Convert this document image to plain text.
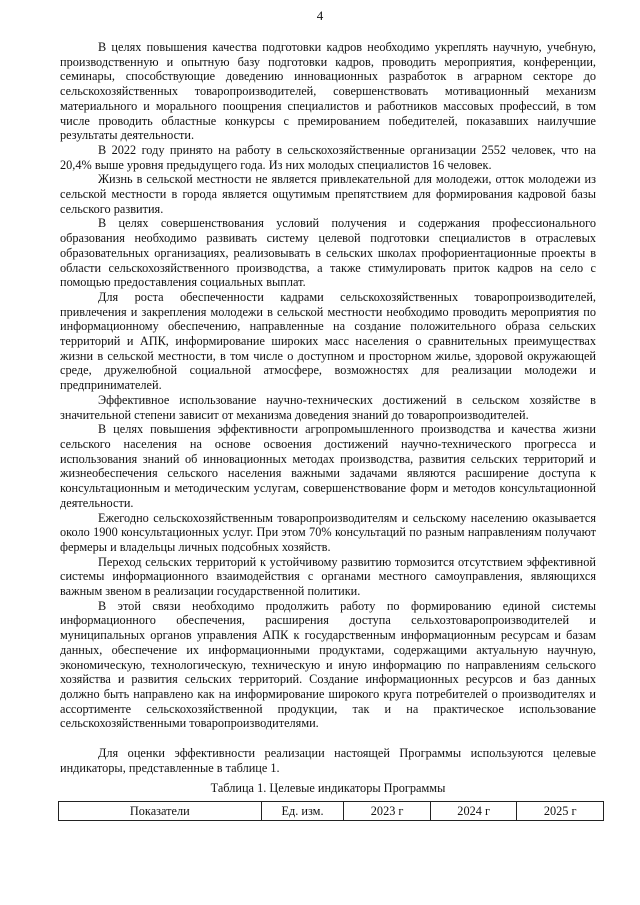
4

В целях повышения качества подготовки кадров необходимо укреплять научную, учебную, производственную и опытную базу подготовки кадров, проводить мероприятия, конференции, семинары, способствующие доведению инновационных разработок в аграрном секторе до сельскохозяйственных товаропроизводителей, совершенствовать мотивационный механизм материального и морального поощрения специалистов и работников массовых профессий, в том числе проводить областные конкурсы с премированием победителей, показавших наилучшие результаты деятельности.

В 2022 году принято на работу в сельскохозяйственные организации 2552 человек, что на 20,4% выше уровня предыдущего года. Из них молодых специалистов 16 человек.

Жизнь в сельской местности не является привлекательной для молодежи, отток молодежи из сельской местности в города является ощутимым препятствием для формирования кадровой базы сельского развития.

В целях совершенствования условий получения и содержания профессионального образования необходимо развивать систему целевой подготовки специалистов в отраслевых образовательных организациях, реализовывать в сельских школах профориентационные проекты в области сельскохозяйственного производства, а также стимулировать приток кадров на село с помощью предоставления социальных выплат.

Для роста обеспеченности кадрами сельскохозяйственных товаропроизводителей, привлечения и закрепления молодежи в сельской местности необходимо проводить мероприятия по информационному обеспечению, направленные на создание положительного образа сельских территорий и АПК, информирование широких масс населения о сравнительных преимуществах жизни в сельской местности, в том числе о доступном и просторном жилье, здоровой окружающей среде, дружелюбной социальной атмосфере, возможностях для реализации молодежи и предпринимателей.

Эффективное использование научно-технических достижений в сельском хозяйстве в значительной степени зависит от механизма доведения знаний до товаропроизводителей.

В целях повышения эффективности агропромышленного производства и качества жизни сельского населения на основе освоения достижений научно-технического прогресса и использования знаний об инновационных методах производства, развития сельских территорий и жизнеобеспечения сельского населения важными задачами являются расширение доступа к консультационным и методическим услугам, совершенствование форм и методов консультационной деятельности.

Ежегодно сельскохозяйственным товаропроизводителям и сельскому населению оказывается около 1900 консультационных услуг. При этом 70% консультаций по разным направлениям получают фермеры и владельцы личных подсобных хозяйств.

Переход сельских территорий к устойчивому развитию тормозится отсутствием эффективной системы информационного взаимодействия с органами местного самоуправления, являющихся важным звеном в реализации государственной политики.

В этой связи необходимо продолжить работу по формированию единой системы информационного обеспечения, расширения доступа сельхозтоваропроизводителей и муниципальных органов управления АПК к государственным информационным ресурсам и базам данных, обеспечение их информационными продуктами, содержащими актуальную научную, экономическую, технологическую, техническую и иную информацию по направлениям сельского хозяйства и развития сельских территорий. Создание информационных ресурсов и баз данных должно быть направлено как на информирование широкого круга потребителей о производителях и ассортименте сельскохозяйственной продукции, так и на практическое использование сельскохозяйственными товаропроизводителями.

Для оценки эффективности реализации настоящей Программы используются целевые индикаторы, представленные в таблице 1.

Таблица 1. Целевые индикаторы Программы
Показатели	Ед. изм.	2023 г	2024 г	2025 г
